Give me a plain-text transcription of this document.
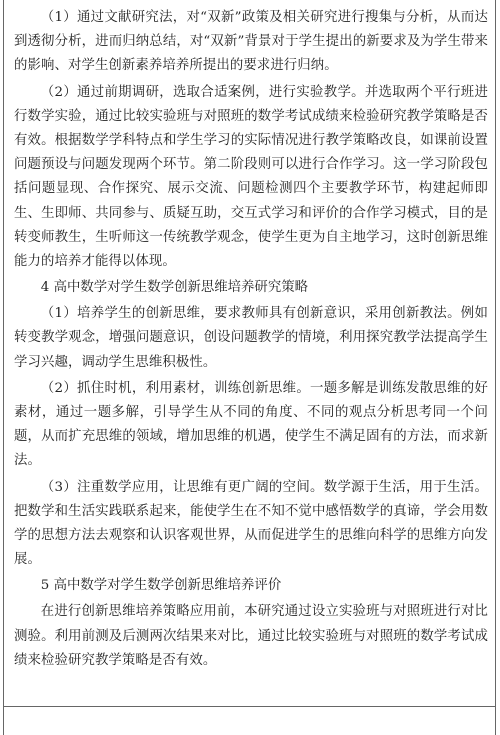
（1）通过文献研究法，对“双新”政策及相关研究进行搜集与分析，从而达到透彻分析，进而归纳总结，对“双新”背景对于学生提出的新要求及为学生带来的影响、对学生创新素养培养所提出的要求进行归纳。

（2）通过前期调研，选取合适案例，进行实验教学。并选取两个平行班进行数学实验，通过比较实验班与对照班的数学考试成绩来检验研究教学策略是否有效。根据数学学科特点和学生学习的实际情况进行教学策略改良，如课前设置问题预设与问题发现两个环节。第二阶段则可以进行合作学习。这一学习阶段包括问题显现、合作探究、展示交流、问题检测四个主要教学环节，构建起师即生、生即师、共同参与、质疑互助，交互式学习和评价的合作学习模式，目的是转变师教生，生听师这一传统教学观念，使学生更为自主地学习，这时创新思维能力的培养才能得以体现。

4 高中数学对学生数学创新思维培养研究策略

（1）培养学生的创新思维，要求教师具有创新意识，采用创新教法。例如转变教学观念，增强问题意识，创设问题教学的情境，利用探究教学法提高学生学习兴趣，调动学生思维积极性。

（2）抓住时机，利用素材，训练创新思维。一题多解是训练发散思维的好素材，通过一题多解，引导学生从不同的角度、不同的观点分析思考同一个问题，从而扩充思维的领域，增加思维的机遇，使学生不满足固有的方法，而求新法。

（3）注重数学应用，让思维有更广阔的空间。数学源于生活，用于生活。把数学和生活实践联系起来，能使学生在不知不觉中感悟数学的真谛，学会用数学的思想方法去观察和认识客观世界，从而促进学生的思维向科学的思维方向发展。

5 高中数学对学生数学创新思维培养评价

在进行创新思维培养策略应用前，本研究通过设立实验班与对照班进行对比测验。利用前测及后测两次结果来对比，通过比较实验班与对照班的数学考试成绩来检验研究教学策略是否有效。
